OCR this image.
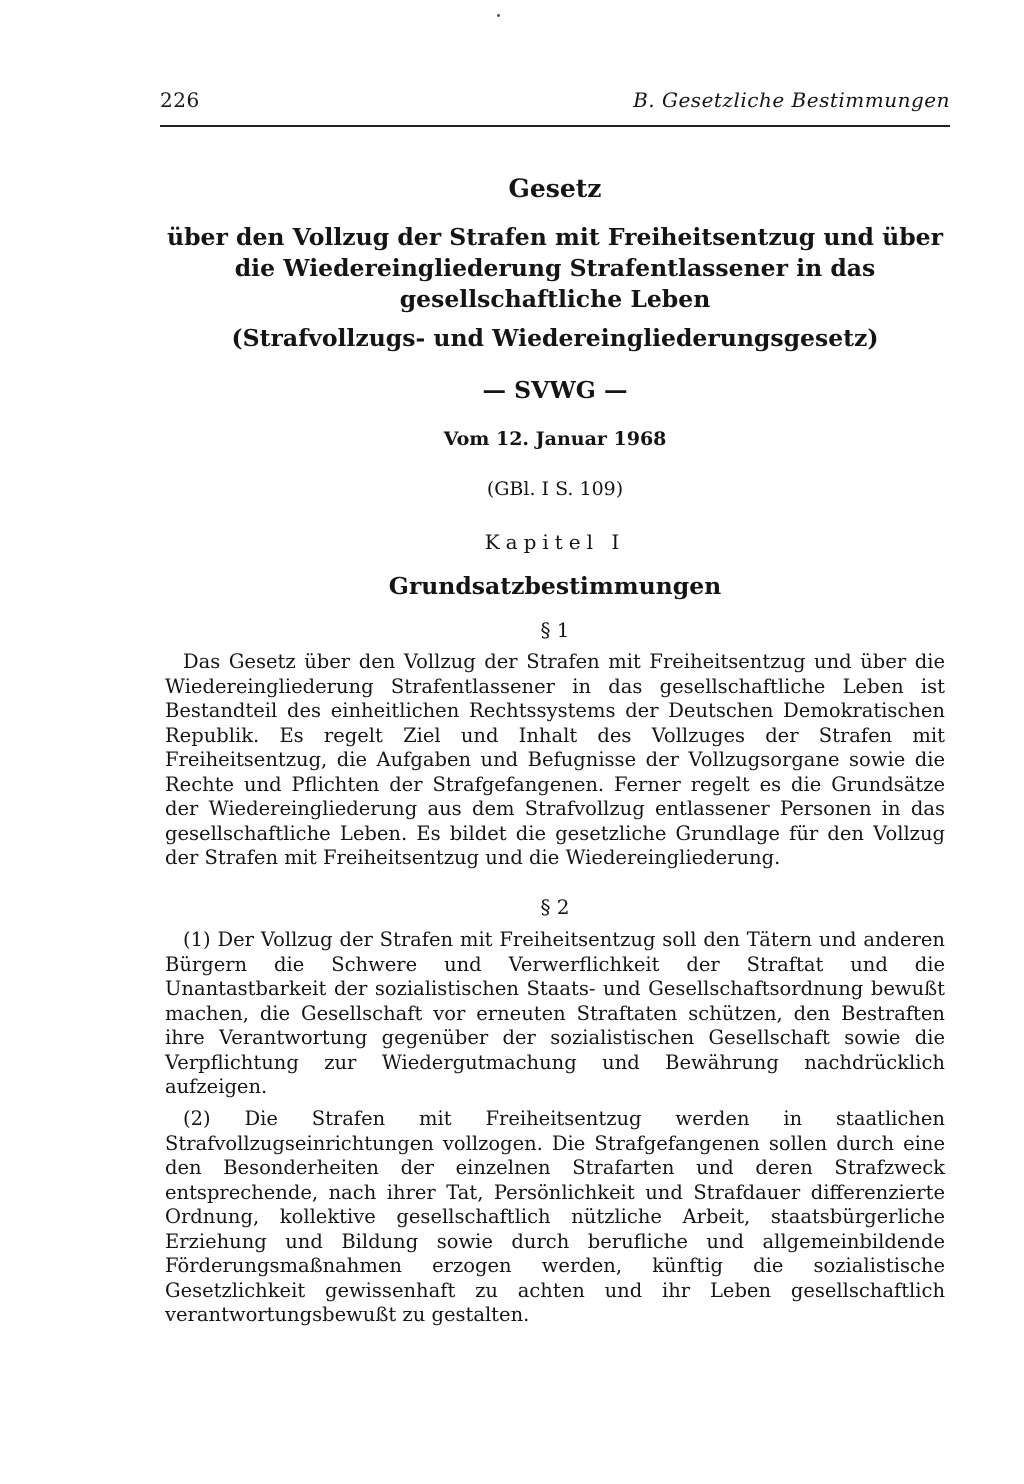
226	B. Gesetzliche Bestimmungen
Gesetz
über den Vollzug der Strafen mit Freiheitsentzug und über die Wiedereingliederung Strafentlassener in das gesellschaftliche Leben
(Strafvollzugs- und Wiedereingliederungsgesetz)
— SVWG —
Vom 12. Januar 1968
(GBl. I S. 109)
Kapitel I
Grundsatzbestimmungen
§ 1

Das Gesetz über den Vollzug der Strafen mit Freiheitsentzug und über die Wiedereingliederung Strafentlassener in das gesellschaftliche Leben ist Bestandteil des einheitlichen Rechtssystems der Deutschen Demokratischen Republik. Es regelt Ziel und Inhalt des Vollzuges der Strafen mit Freiheitsentzug, die Aufgaben und Befugnisse der Vollzugsorgane sowie die Rechte und Pflichten der Strafgefangenen. Ferner regelt es die Grundsätze der Wiedereingliederung aus dem Strafvollzug entlassener Personen in das gesellschaftliche Leben. Es bildet die gesetzliche Grundlage für den Vollzug der Strafen mit Freiheitsentzug und die Wiedereingliederung.

§ 2

(1) Der Vollzug der Strafen mit Freiheitsentzug soll den Tätern und anderen Bürgern die Schwere und Verwerflichkeit der Straftat und die Unantastbarkeit der sozialistischen Staats- und Gesellschaftsordnung bewußt machen, die Gesellschaft vor erneuten Straftaten schützen, den Bestraften ihre Verantwortung gegenüber der sozialistischen Gesellschaft sowie die Verpflichtung zur Wiedergutmachung und Bewährung nachdrücklich aufzeigen.

(2) Die Strafen mit Freiheitsentzug werden in staatlichen Strafvollzugseinrichtungen vollzogen. Die Strafgefangenen sollen durch eine den Besonderheiten der einzelnen Strafarten und deren Strafzweck entsprechende, nach ihrer Tat, Persönlichkeit und Strafdauer differenzierte Ordnung, kollektive gesellschaftlich nützliche Arbeit, staatsbürgerliche Erziehung und Bildung sowie durch berufliche und allgemeinbildende Förderungsmaßnahmen erzogen werden, künftig die sozialistische Gesetzlichkeit gewissenhaft zu achten und ihr Leben gesellschaftlich verantwortungsbewußt zu gestalten.
